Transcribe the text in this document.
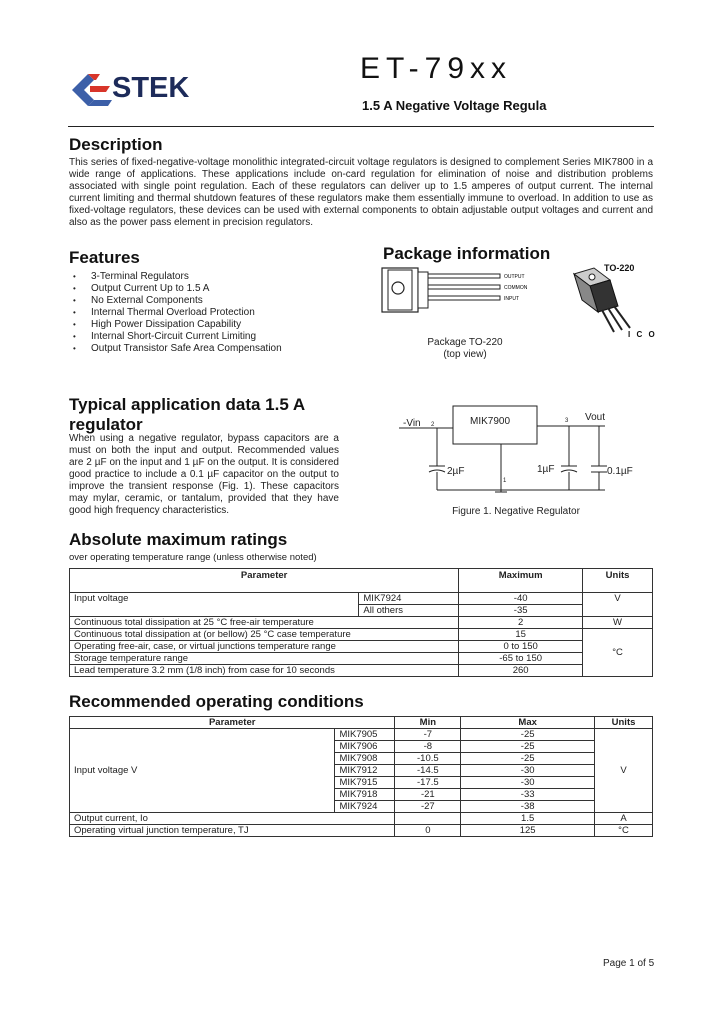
STEK
ET-79xx
1.5 A Negative Voltage Regula
Description
This series of fixed-negative-voltage monolithic integrated-circuit voltage regulators is designed to complement Series MIK7800 in a wide range of applications. These applications include on-card regulation for elimination of noise and distribution problems associated with single point regulation. Each of these regulators can deliver up to 1.5 amperes of output current. The internal current limiting and thermal shutdown features of these regulators make them essentially immune to overload. In addition to use as fixed-voltage regulators, these devices can be used with external components to obtain adjustable output voltages and current and also as the power pass element in precision regulators.
Features
• 3-Terminal Regulators
• Output Current Up to 1.5 A
• No External Components
• Internal Thermal Overload Protection
• High Power Dissipation Capability
• Internal Short-Circuit Current Limiting
• Output Transistor Safe Area Compensation
Package information
OUTPUT
COMMON
INPUT
TO-220
I C O
Package TO-220
(top view)
Typical application data 1.5 A
regulator
When using a negative regulator, bypass capacitors are a must on both the input and output. Recommended values are 2 µF on the input and 1 µF on the output. It is considered good practice to include a 0.1 µF capacitor on the output to improve the transient response (Fig. 1). These capacitors may mylar, ceramic, or tantalum, provided that they have good high frequency characteristics.
-Vin 2
3 Vout
1
MIK7900
2µF	1µF	0.1µF
Figure 1. Negative Regulator
Absolute maximum ratings
over operating temperature range (unless otherwise noted)
Parameter		Maximum	Units
Input voltage	MIK7924	-40	V
	All others	-35	
Continuous total dissipation at 25 °C free-air temperature		2	W
Continuous total dissipation at (or bellow) 25 °C case temperature		15	°C
Operating free-air, case, or virtual junctions temperature range		0 to 150	
Storage temperature range		-65 to 150	
Lead temperature 3.2 mm (1/8 inch) from case for 10 seconds		260	
Recommended operating conditions
Parameter		Min	Max	Units
Input voltage V	MIK7905	-7	-25	V
	MIK7906	-8	-25	
	MIK7908	-10.5	-25	
	MIK7912	-14.5	-30	
	MIK7915	-17.5	-30	
	MIK7918	-21	-33	
	MIK7924	-27	-38	
Output current, Io			1.5	A
Operating virtual junction temperature, TJ		0	125	°C
Page 1 of 5
